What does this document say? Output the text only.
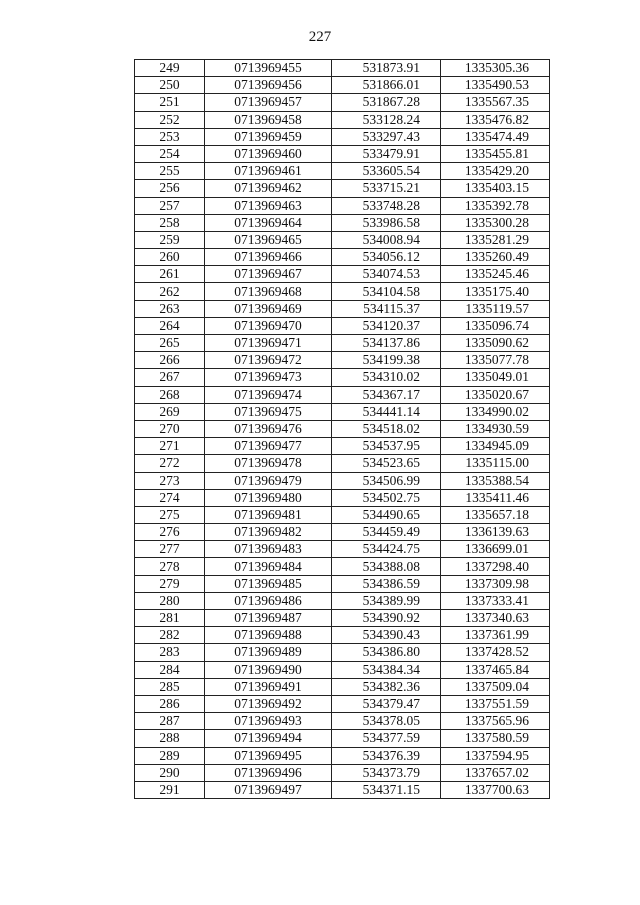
227
249	0713969455	531873.91	1335305.36
250	0713969456	531866.01	1335490.53
251	0713969457	531867.28	1335567.35
252	0713969458	533128.24	1335476.82
253	0713969459	533297.43	1335474.49
254	0713969460	533479.91	1335455.81
255	0713969461	533605.54	1335429.20
256	0713969462	533715.21	1335403.15
257	0713969463	533748.28	1335392.78
258	0713969464	533986.58	1335300.28
259	0713969465	534008.94	1335281.29
260	0713969466	534056.12	1335260.49
261	0713969467	534074.53	1335245.46
262	0713969468	534104.58	1335175.40
263	0713969469	534115.37	1335119.57
264	0713969470	534120.37	1335096.74
265	0713969471	534137.86	1335090.62
266	0713969472	534199.38	1335077.78
267	0713969473	534310.02	1335049.01
268	0713969474	534367.17	1335020.67
269	0713969475	534441.14	1334990.02
270	0713969476	534518.02	1334930.59
271	0713969477	534537.95	1334945.09
272	0713969478	534523.65	1335115.00
273	0713969479	534506.99	1335388.54
274	0713969480	534502.75	1335411.46
275	0713969481	534490.65	1335657.18
276	0713969482	534459.49	1336139.63
277	0713969483	534424.75	1336699.01
278	0713969484	534388.08	1337298.40
279	0713969485	534386.59	1337309.98
280	0713969486	534389.99	1337333.41
281	0713969487	534390.92	1337340.63
282	0713969488	534390.43	1337361.99
283	0713969489	534386.80	1337428.52
284	0713969490	534384.34	1337465.84
285	0713969491	534382.36	1337509.04
286	0713969492	534379.47	1337551.59
287	0713969493	534378.05	1337565.96
288	0713969494	534377.59	1337580.59
289	0713969495	534376.39	1337594.95
290	0713969496	534373.79	1337657.02
291	0713969497	534371.15	1337700.63
